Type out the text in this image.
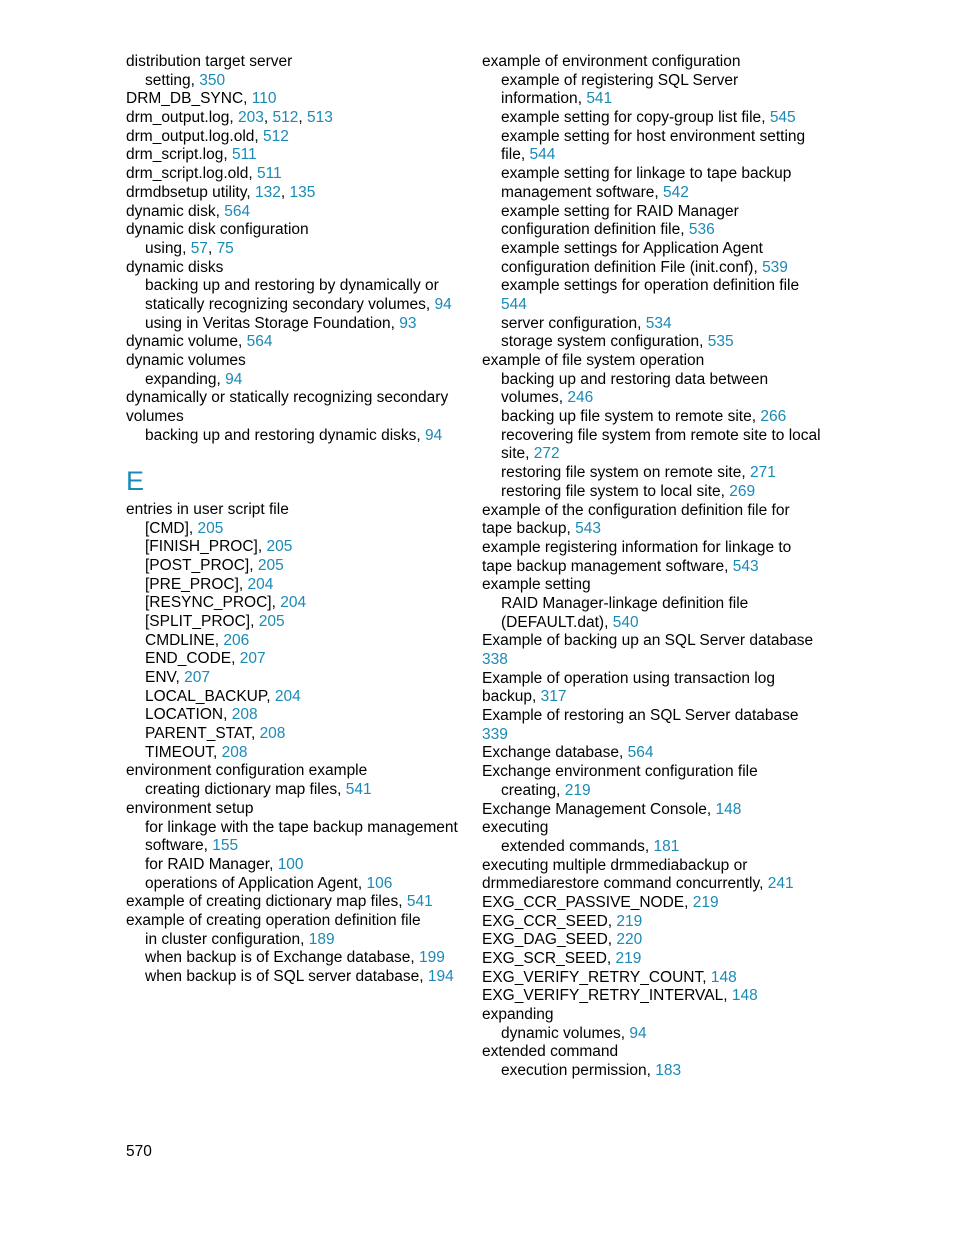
distribution target server
setting, 350
DRM_DB_SYNC, 110
drm_output.log, 203, 512, 513
drm_output.log.old, 512
drm_script.log, 511
drm_script.log.old, 511
drmdbsetup utility, 132, 135
dynamic disk, 564
dynamic disk configuration
using, 57, 75
dynamic disks
backing up and restoring by dynamically or
statically recognizing secondary volumes, 94
using in Veritas Storage Foundation, 93
dynamic volume, 564
dynamic volumes
expanding, 94
dynamically or statically recognizing secondary
volumes
backing up and restoring dynamic disks, 94
E
entries in user script file
[CMD], 205
[FINISH_PROC], 205
[POST_PROC], 205
[PRE_PROC], 204
[RESYNC_PROC], 204
[SPLIT_PROC], 205
CMDLINE, 206
END_CODE, 207
ENV, 207
LOCAL_BACKUP, 204
LOCATION, 208
PARENT_STAT, 208
TIMEOUT, 208
environment configuration example
creating dictionary map files, 541
environment setup
for linkage with the tape backup management
software, 155
for RAID Manager, 100
operations of Application Agent, 106
example of creating dictionary map files, 541
example of creating operation definition file
in cluster configuration, 189
when backup is of Exchange database, 199
when backup is of SQL server database, 194
example of environment configuration
example of registering SQL Server
information, 541
example setting for copy-group list file, 545
example setting for host environment setting
file, 544
example setting for linkage to tape backup
management software, 542
example setting for RAID Manager
configuration definition file, 536
example settings for Application Agent
configuration definition File (init.conf), 539
example settings for operation definition file
544
server configuration, 534
storage system configuration, 535
example of file system operation
backing up and restoring data between
volumes, 246
backing up file system to remote site, 266
recovering file system from remote site to local
site, 272
restoring file system on remote site, 271
restoring file system to local site, 269
example of the configuration definition file for
tape backup, 543
example registering information for linkage to
tape backup management software, 543
example setting
RAID Manager-linkage definition file
(DEFAULT.dat), 540
Example of backing up an SQL Server database
338
Example of operation using transaction log
backup, 317
Example of restoring an SQL Server database
339
Exchange database, 564
Exchange environment configuration file
creating, 219
Exchange Management Console, 148
executing
extended commands, 181
executing multiple drmmediabackup or
drmmediarestore command concurrently, 241
EXG_CCR_PASSIVE_NODE, 219
EXG_CCR_SEED, 219
EXG_DAG_SEED, 220
EXG_SCR_SEED, 219
EXG_VERIFY_RETRY_COUNT, 148
EXG_VERIFY_RETRY_INTERVAL, 148
expanding
dynamic volumes, 94
extended command
execution permission, 183
570
